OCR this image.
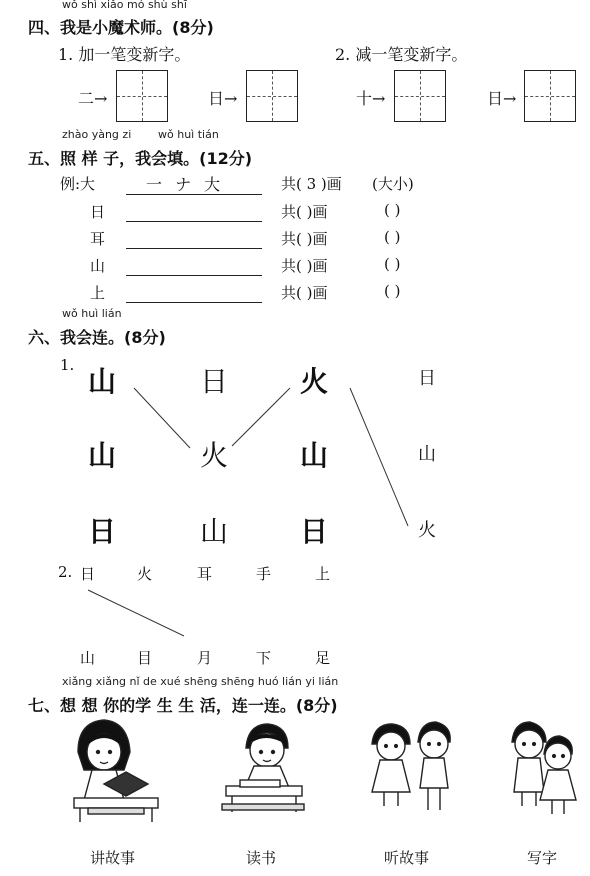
wǒ shì xiǎo mó shù shī
四、我是小魔术师。(8分)
1. 加一笔变新字。	2. 减一笔变新字。
二→	日→	十→	日→
zhào yàng zi wǒ huì tián
五、照 样 子，我会填。(12分)
例:大	一 ナ 大	共( 3 )画 (大小)
日	共( )画	( )
耳	共( )画	( )
山	共( )画	( )
上	共( )画	( )
wǒ huì lián
六、我会连。(8分)
1. 山	日	火
山	火	山
日	山	日
日
山
火
2. 日	火	耳	手	上
山	目	月	下	足
xiǎng xiǎng nǐ de xué shēng shēng huó lián yi lián
七、想 想 你的学 生 生 活，连一连。(8分)
讲故事	读书	听故事	写字
